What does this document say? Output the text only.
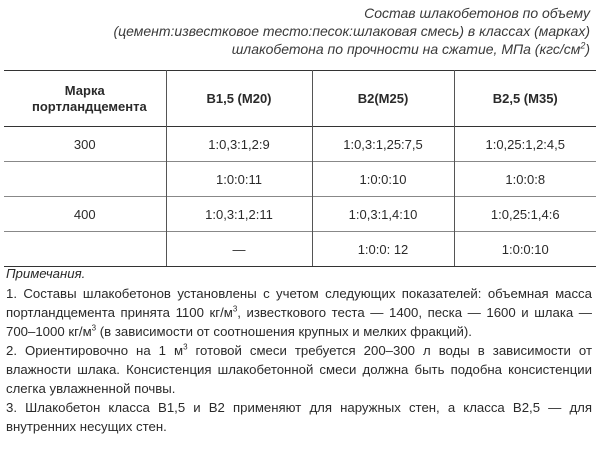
Состав шлакобетонов по объему
(цемент:известковое тесто:песок:шлаковая смесь) в классах (марках)
шлакобетона по прочности на сжатие, МПа $(кгс/см^2)$
Марка портландцемента	B1,5 (M20)	B2(M25)	B2,5 (M35)
300	1:0,3:1,2:9	1:0,3:1,25:7,5	1:0,25:1,2:4,5
	1:0:0:11	1:0:0:10	1:0:0:8
400	1:0,3:1,2:11	1:0,3:1,4:10	1:0,25:1,4:6
	—	1:0:0: 12	1:0:0:10
Примечания.

1. Составы шлакобетонов установлены с учетом следующих показателей: объемная масса портландцемента принята 1100 $кг/м^3$, известкового теста — 1400, песка — 1600 и шлака — 700–1000 $кг/м^3$ (в зависимости от соотношения крупных и мелких фракций).

2. Ориентировочно на 1 $м^3$ готовой смеси требуется 200–300 л воды в зависимости от влажности шлака. Консистенция шлакобетонной смеси должна быть подобна консистенции слегка увлажненной почвы.

3. Шлакобетон класса B1,5 и B2 применяют для наружных стен, а класса B2,5 — для внутренних несущих стен.
